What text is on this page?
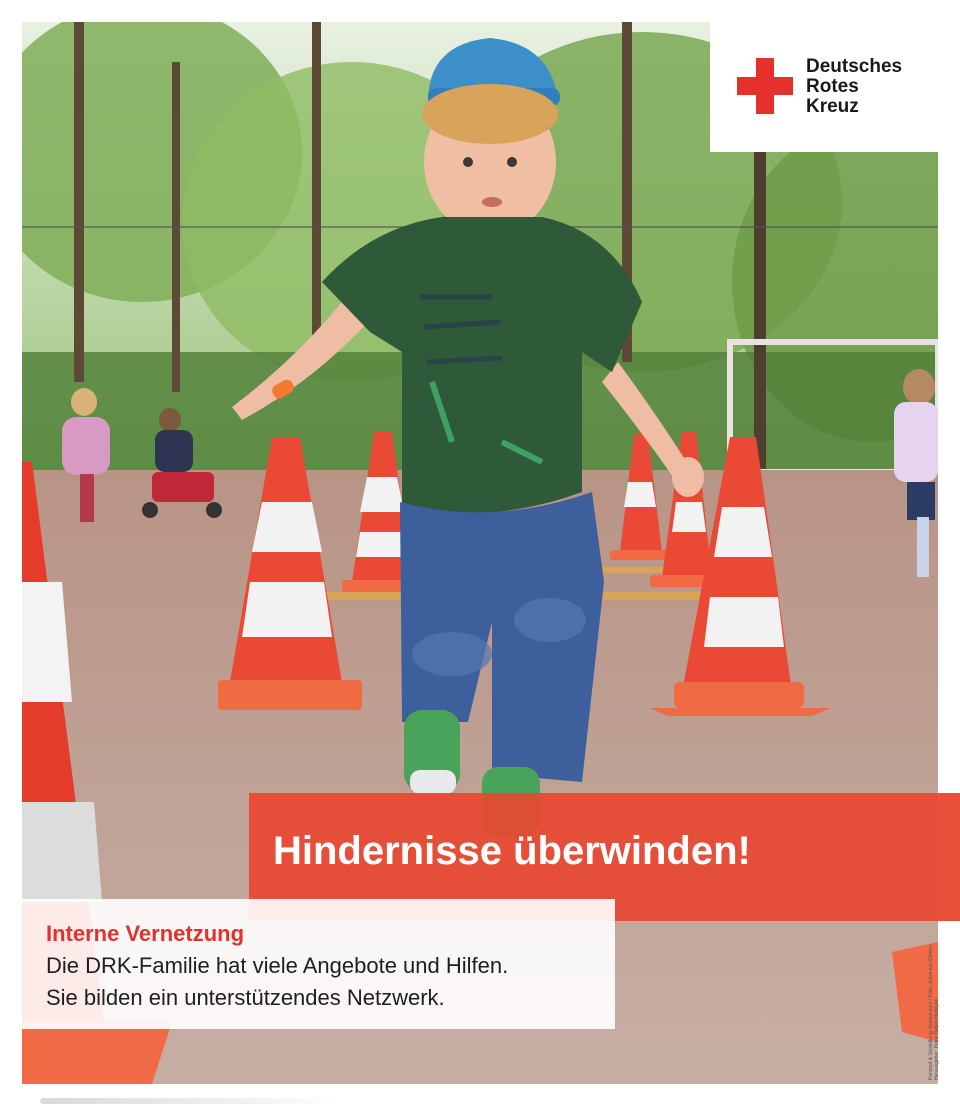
Deutsches
Rotes
Kreuz
Hindernisse überwinden!
Interne Vernetzung
Die DRK-Familie hat viele Angebote und Hilfen.
Sie bilden ein unterstützendes Netzwerk.	Konzept & Gestaltung: ikonum.com / Foto: Julian van Dieken Herausgeber: Petra Tietjen-Hedayati
